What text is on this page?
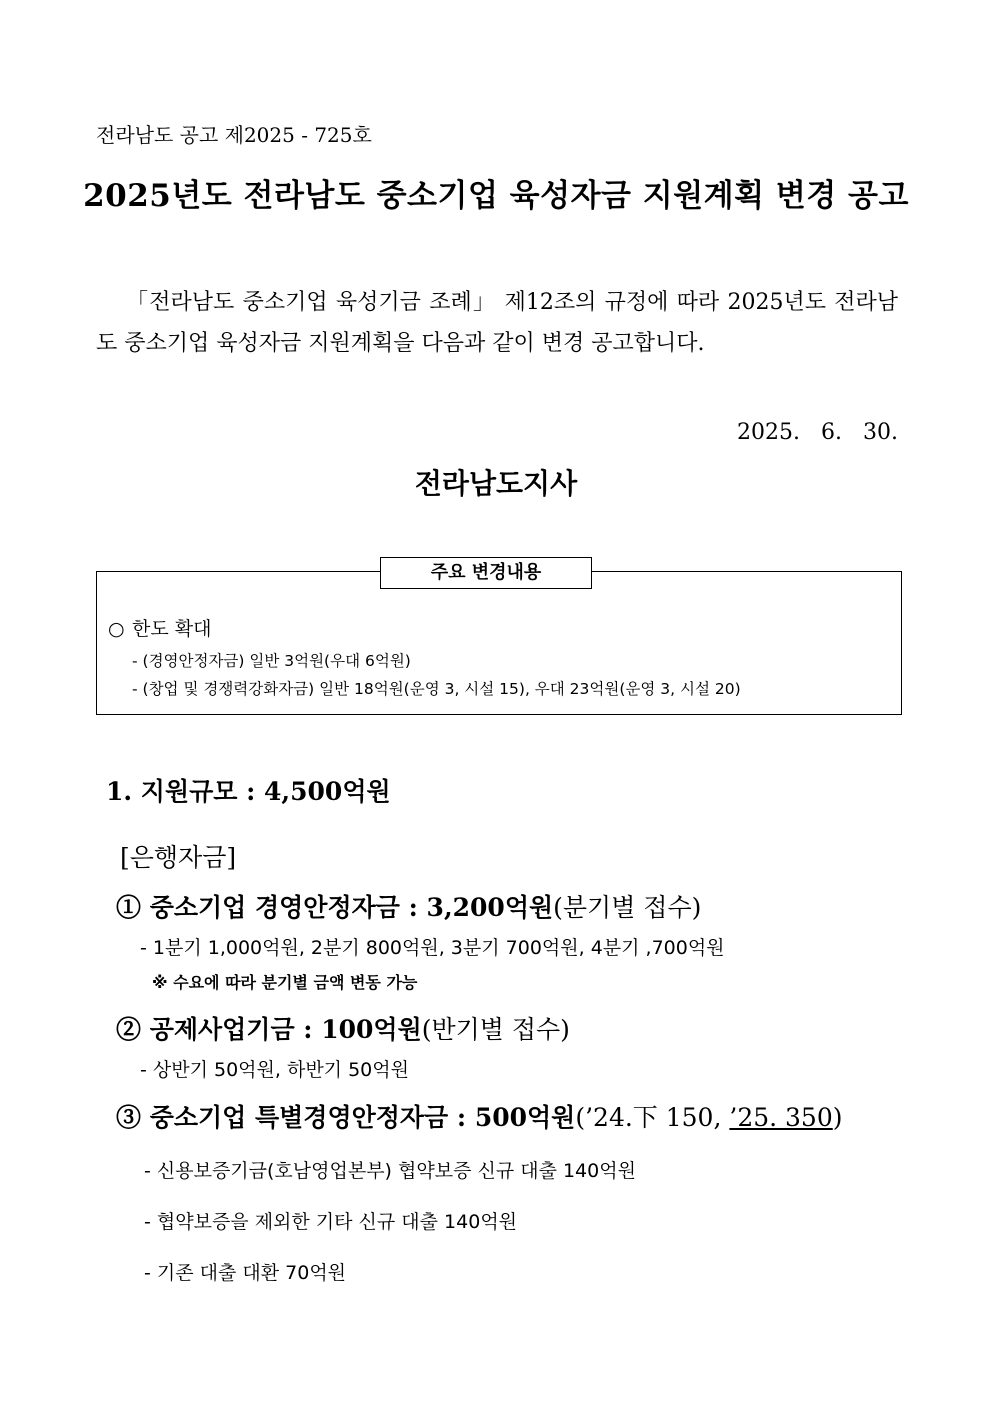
전라남도 공고 제2025 - 725호
2025년도 전라남도 중소기업 육성자금 지원계획 변경 공고
「전라남도 중소기업 육성기금 조례」 제12조의 규정에 따라 2025년도 전라남도 중소기업 육성자금 지원계획을 다음과 같이 변경 공고합니다.
2025. 6. 30.
전라남도지사
주요 변경내용
○ 한도 확대
- (경영안정자금) 일반 3억원(우대 6억원)
- (창업 및 경쟁력강화자금) 일반 18억원(운영 3, 시설 15), 우대 23억원(운영 3, 시설 20)
1. 지원규모 : 4,500억원
[은행자금]
① 중소기업 경영안정자금 : 3,200억원(분기별 접수)
- 1분기 1,000억원, 2분기 800억원, 3분기 700억원, 4분기 ,700억원
※ 수요에 따라 분기별 금액 변동 가능
② 공제사업기금 : 100억원(반기별 접수)
- 상반기 50억원, 하반기 50억원
③ 중소기업 특별경영안정자금 : 500억원(’24.下 150, ’25. 350)
- 신용보증기금(호남영업본부) 협약보증 신규 대출 140억원
- 협약보증을 제외한 기타 신규 대출 140억원
- 기존 대출 대환 70억원
